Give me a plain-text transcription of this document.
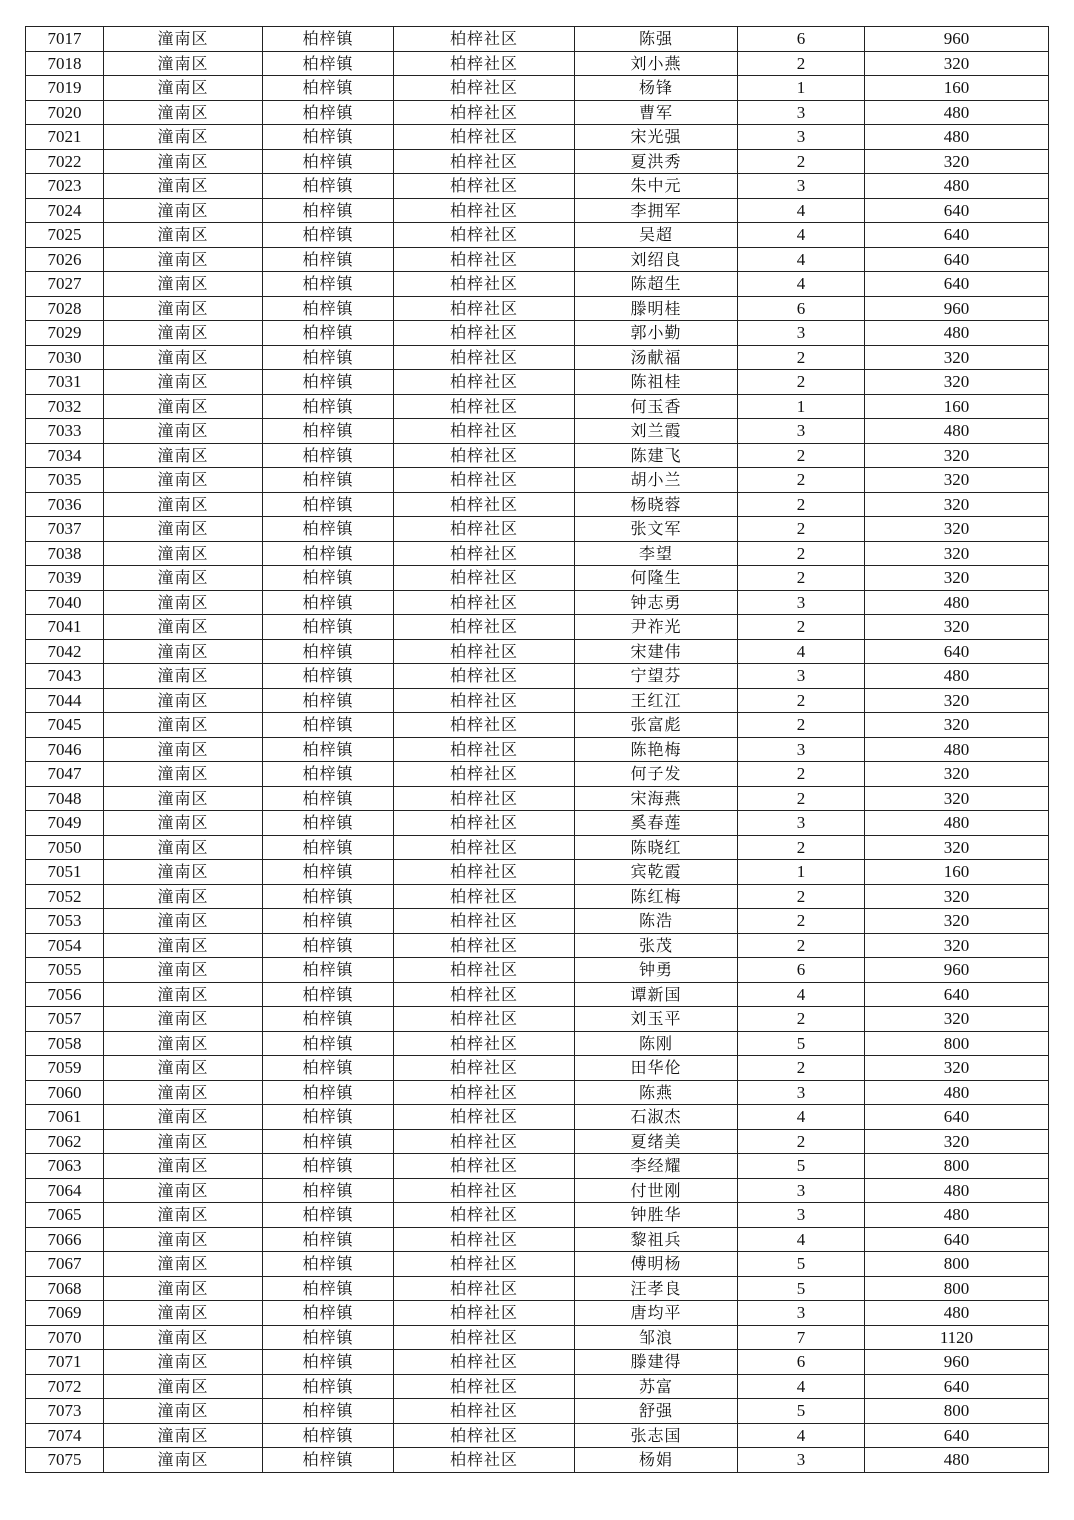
7017	潼南区	柏梓镇	柏梓社区	陈强	6	960
7018	潼南区	柏梓镇	柏梓社区	刘小燕	2	320
7019	潼南区	柏梓镇	柏梓社区	杨锋	1	160
7020	潼南区	柏梓镇	柏梓社区	曹军	3	480
7021	潼南区	柏梓镇	柏梓社区	宋光强	3	480
7022	潼南区	柏梓镇	柏梓社区	夏洪秀	2	320
7023	潼南区	柏梓镇	柏梓社区	朱中元	3	480
7024	潼南区	柏梓镇	柏梓社区	李拥军	4	640
7025	潼南区	柏梓镇	柏梓社区	吴超	4	640
7026	潼南区	柏梓镇	柏梓社区	刘绍良	4	640
7027	潼南区	柏梓镇	柏梓社区	陈超生	4	640
7028	潼南区	柏梓镇	柏梓社区	滕明桂	6	960
7029	潼南区	柏梓镇	柏梓社区	郭小勤	3	480
7030	潼南区	柏梓镇	柏梓社区	汤献福	2	320
7031	潼南区	柏梓镇	柏梓社区	陈祖桂	2	320
7032	潼南区	柏梓镇	柏梓社区	何玉香	1	160
7033	潼南区	柏梓镇	柏梓社区	刘兰霞	3	480
7034	潼南区	柏梓镇	柏梓社区	陈建飞	2	320
7035	潼南区	柏梓镇	柏梓社区	胡小兰	2	320
7036	潼南区	柏梓镇	柏梓社区	杨晓蓉	2	320
7037	潼南区	柏梓镇	柏梓社区	张文军	2	320
7038	潼南区	柏梓镇	柏梓社区	李望	2	320
7039	潼南区	柏梓镇	柏梓社区	何隆生	2	320
7040	潼南区	柏梓镇	柏梓社区	钟志勇	3	480
7041	潼南区	柏梓镇	柏梓社区	尹祚光	2	320
7042	潼南区	柏梓镇	柏梓社区	宋建伟	4	640
7043	潼南区	柏梓镇	柏梓社区	宁望芬	3	480
7044	潼南区	柏梓镇	柏梓社区	王红江	2	320
7045	潼南区	柏梓镇	柏梓社区	张富彪	2	320
7046	潼南区	柏梓镇	柏梓社区	陈艳梅	3	480
7047	潼南区	柏梓镇	柏梓社区	何子发	2	320
7048	潼南区	柏梓镇	柏梓社区	宋海燕	2	320
7049	潼南区	柏梓镇	柏梓社区	奚春莲	3	480
7050	潼南区	柏梓镇	柏梓社区	陈晓红	2	320
7051	潼南区	柏梓镇	柏梓社区	宾乾霞	1	160
7052	潼南区	柏梓镇	柏梓社区	陈红梅	2	320
7053	潼南区	柏梓镇	柏梓社区	陈浩	2	320
7054	潼南区	柏梓镇	柏梓社区	张茂	2	320
7055	潼南区	柏梓镇	柏梓社区	钟勇	6	960
7056	潼南区	柏梓镇	柏梓社区	谭新国	4	640
7057	潼南区	柏梓镇	柏梓社区	刘玉平	2	320
7058	潼南区	柏梓镇	柏梓社区	陈刚	5	800
7059	潼南区	柏梓镇	柏梓社区	田华伦	2	320
7060	潼南区	柏梓镇	柏梓社区	陈燕	3	480
7061	潼南区	柏梓镇	柏梓社区	石淑杰	4	640
7062	潼南区	柏梓镇	柏梓社区	夏绪美	2	320
7063	潼南区	柏梓镇	柏梓社区	李经耀	5	800
7064	潼南区	柏梓镇	柏梓社区	付世刚	3	480
7065	潼南区	柏梓镇	柏梓社区	钟胜华	3	480
7066	潼南区	柏梓镇	柏梓社区	黎祖兵	4	640
7067	潼南区	柏梓镇	柏梓社区	傅明杨	5	800
7068	潼南区	柏梓镇	柏梓社区	汪孝良	5	800
7069	潼南区	柏梓镇	柏梓社区	唐均平	3	480
7070	潼南区	柏梓镇	柏梓社区	邹浪	7	1120
7071	潼南区	柏梓镇	柏梓社区	滕建得	6	960
7072	潼南区	柏梓镇	柏梓社区	苏富	4	640
7073	潼南区	柏梓镇	柏梓社区	舒强	5	800
7074	潼南区	柏梓镇	柏梓社区	张志国	4	640
7075	潼南区	柏梓镇	柏梓社区	杨娟	3	480
